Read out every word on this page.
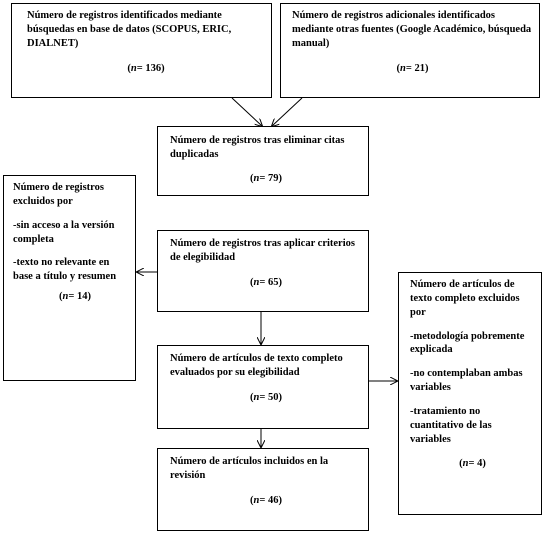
Número de registros identificados mediante búsquedas en base de datos (SCOPUS, ERIC, DIALNET)
(n= 136)
Número de registros adicionales identificados mediante otras fuentes (Google Académico, búsqueda manual)
(n= 21)
Número de registros tras eliminar citas duplicadas
(n= 79)
Número de registros excluidos por
-sin acceso a la versión completa
-texto no relevante en base a título y resumen
(n= 14)
Número de registros tras aplicar criterios de elegibilidad
(n= 65)
Número de artículos de texto completo evaluados por su elegibilidad
(n= 50)
Número de artículos de texto completo excluidos por
-metodología pobremente explicada
-no contemplaban ambas variables
-tratamiento no cuantitativo de las variables
(n= 4)
Número de artículos incluidos en la revisión
(n= 46)
